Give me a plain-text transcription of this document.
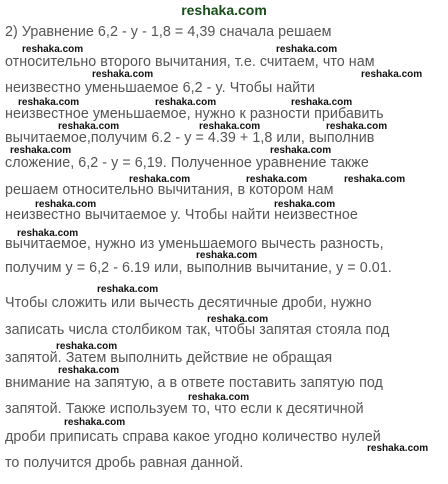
reshaka.com
2) Уравнение 6,2 - y - 1,8 = 4,39 сначала решаем
относительно второго вычитания, т.е. считаем, что нам
неизвестно уменьшаемое 6,2 - y. Чтобы найти
неизвестное уменьшаемое, нужно к разности прибавить
вычитаемое,получим 6.2 - y = 4.39 + 1,8 или, выполнив
сложение, 6,2 - y = 6,19. Полученное уравнение также
решаем относительно вычитания, в котором нам
неизвестно вычитаемое y. Чтобы найти неизвестное
вычитаемое, нужно из уменьшаемого вычесть разность,
получим y = 6,2 - 6.19 или, выполнив вычитание, y = 0.01.
Чтобы сложить или вычесть десятичные дроби, нужно
записать числа столбиком так, чтобы запятая стояла под
запятой. Затем выполнить действие не обращая
внимание на запятую, а в ответе поставить запятую под
запятой. Также используем то, что если к десятичной
дроби приписать справа какое угодно количество нулей
то получится дробь равная данной.
reshaka.com	reshaka.com
reshaka.com	reshaka.com
reshaka.com	reshaka.com	reshaka.com
reshaka.com	reshaka.com	reshaka.com
reshaka.com	reshaka.com
reshaka.com	reshaka.com	reshaka.com
reshaka.com	reshaka.com
reshaka.com
reshaka.com
reshaka.com
reshaka.com
reshaka.com
reshaka.com
reshaka.com
reshaka.com
reshaka.com
